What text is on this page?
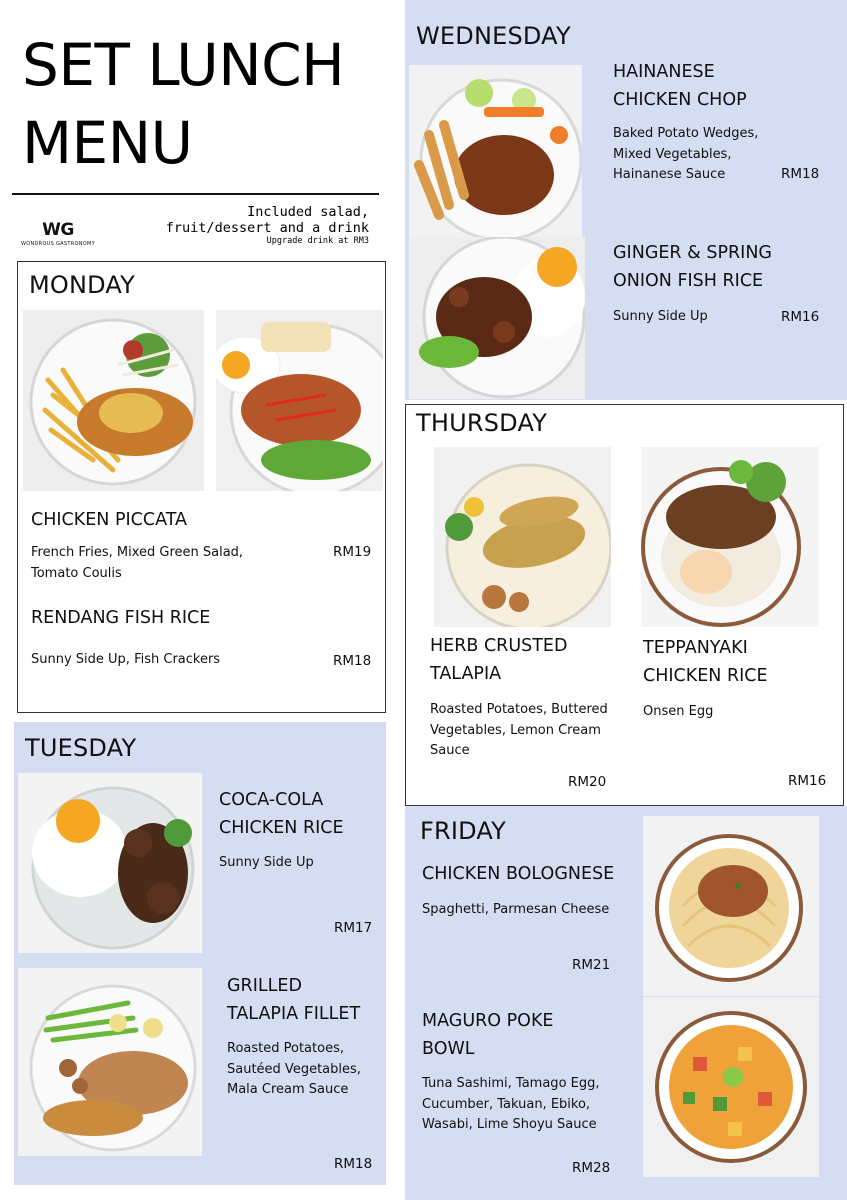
SET LUNCH
MENU
WG
WONDROUS GASTRONOMY
Included salad,
fruit/dessert and a drink
Upgrade drink at RM3
MONDAY
CHICKEN PICCATA
French Fries, Mixed Green Salad,
Tomato Coulis
RM19
RENDANG FISH RICE
Sunny Side Up, Fish Crackers	RM18
TUESDAY
COCA-COLA
CHICKEN RICE
Sunny Side Up
RM17
GRILLED
TALAPIA FILLET
Roasted Potatoes,
Sautéed Vegetables,
Mala Cream Sauce
RM18
WEDNESDAY
HAINANESE
CHICKEN CHOP
Baked Potato Wedges,
Mixed Vegetables,
Hainanese Sauce	RM18
GINGER & SPRING
ONION FISH RICE
Sunny Side Up	RM16
THURSDAY
HERB CRUSTED
TALAPIA
Roasted Potatoes, Buttered
Vegetables, Lemon Cream
Sauce
RM20
TEPPANYAKI
CHICKEN RICE
Onsen Egg
RM16
FRIDAY
CHICKEN BOLOGNESE
Spaghetti, Parmesan Cheese
RM21
MAGURO POKE
BOWL
Tuna Sashimi, Tamago Egg,
Cucumber, Takuan, Ebiko,
Wasabi, Lime Shoyu Sauce
RM28
